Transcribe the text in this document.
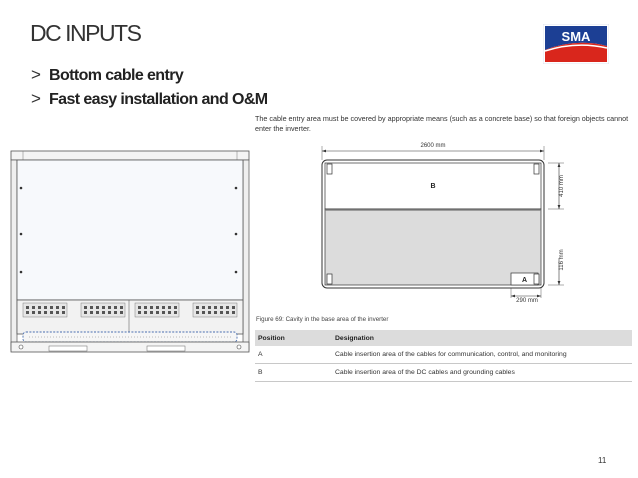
DC INPUTS	SMA
> Bottom cable entry
> Fast easy installation and O&M
The cable entry area must be covered by appropriate means (such as a concrete base) so that foreign objects cannot enter the inverter.
2600 mm
B
A
410 mm
116 mm
290 mm
Figure 69: Cavity in the base area of the inverter
Position	Designation
A	Cable insertion area of the cables for communication, control, and monitoring
B	Cable insertion area of the DC cables and grounding cables
11
